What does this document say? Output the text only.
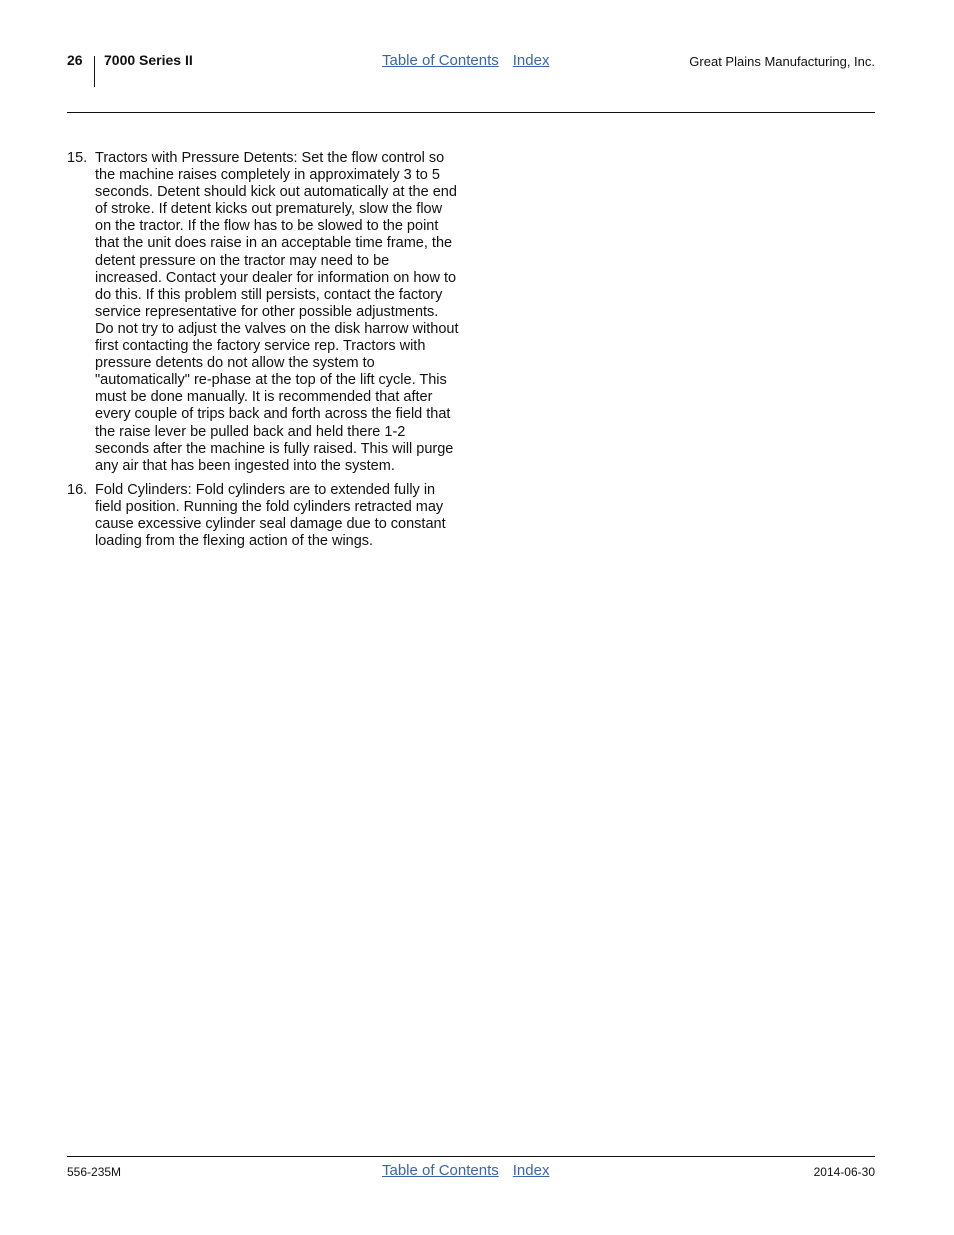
26 7000 Series II	Table of Contents Index	Great Plains Manufacturing, Inc.
15. Tractors with Pressure Detents: Set the flow control so the machine raises completely in approximately 3 to 5 seconds. Detent should kick out automatically at the end of stroke. If detent kicks out prematurely, slow the flow on the tractor. If the flow has to be slowed to the point that the unit does raise in an acceptable time frame, the detent pressure on the tractor may need to be increased. Contact your dealer for information on how to do this. If this problem still persists, contact the factory service representative for other possible adjustments. Do not try to adjust the valves on the disk harrow without first contacting the factory service rep. Tractors with pressure detents do not allow the system to "automatically" re-phase at the top of the lift cycle. This must be done manually. It is recommended that after every couple of trips back and forth across the field that the raise lever be pulled back and held there 1-2 seconds after the machine is fully raised. This will purge any air that has been ingested into the system.
16. Fold Cylinders: Fold cylinders are to extended fully in field position. Running the fold cylinders retracted may cause excessive cylinder seal damage due to constant loading from the flexing action of the wings.
556-235M	Table of Contents Index	2014-06-30
